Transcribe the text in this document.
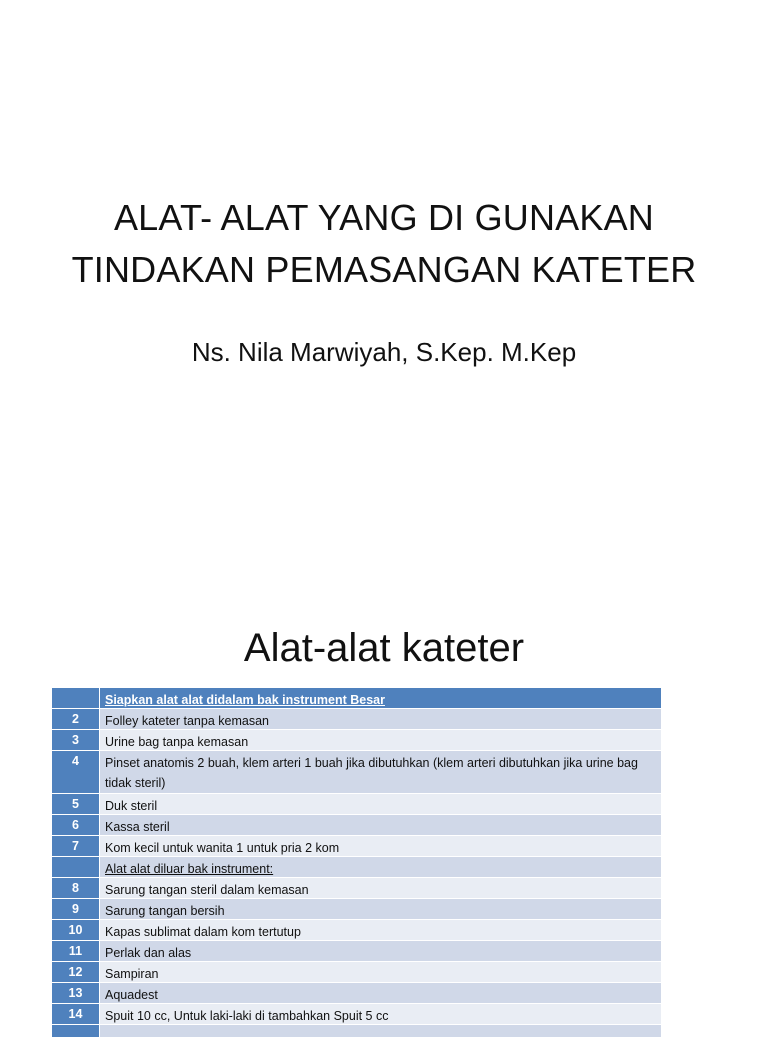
ALAT- ALAT YANG DI GUNAKAN
TINDAKAN PEMASANGAN KATETER
Ns. Nila Marwiyah, S.Kep. M.Kep
Alat-alat kateter
Siapkan alat alat didalam bak instrument Besar
2	Folley kateter tanpa kemasan
3	Urine bag tanpa kemasan
4	Pinset anatomis 2 buah, klem arteri 1 buah jika dibutuhkan (klem arteri dibutuhkan jika urine bag tidak steril)
5	Duk steril
6	Kassa steril
7	Kom kecil untuk wanita 1 untuk pria 2 kom
Alat alat diluar bak instrument:
8	Sarung tangan steril dalam kemasan
9	Sarung tangan bersih
10	Kapas sublimat dalam kom tertutup
11	Perlak dan alas
12	Sampiran
13	Aquadest
14	Spuit 10 cc, Untuk laki-laki di tambahkan Spuit 5 cc
